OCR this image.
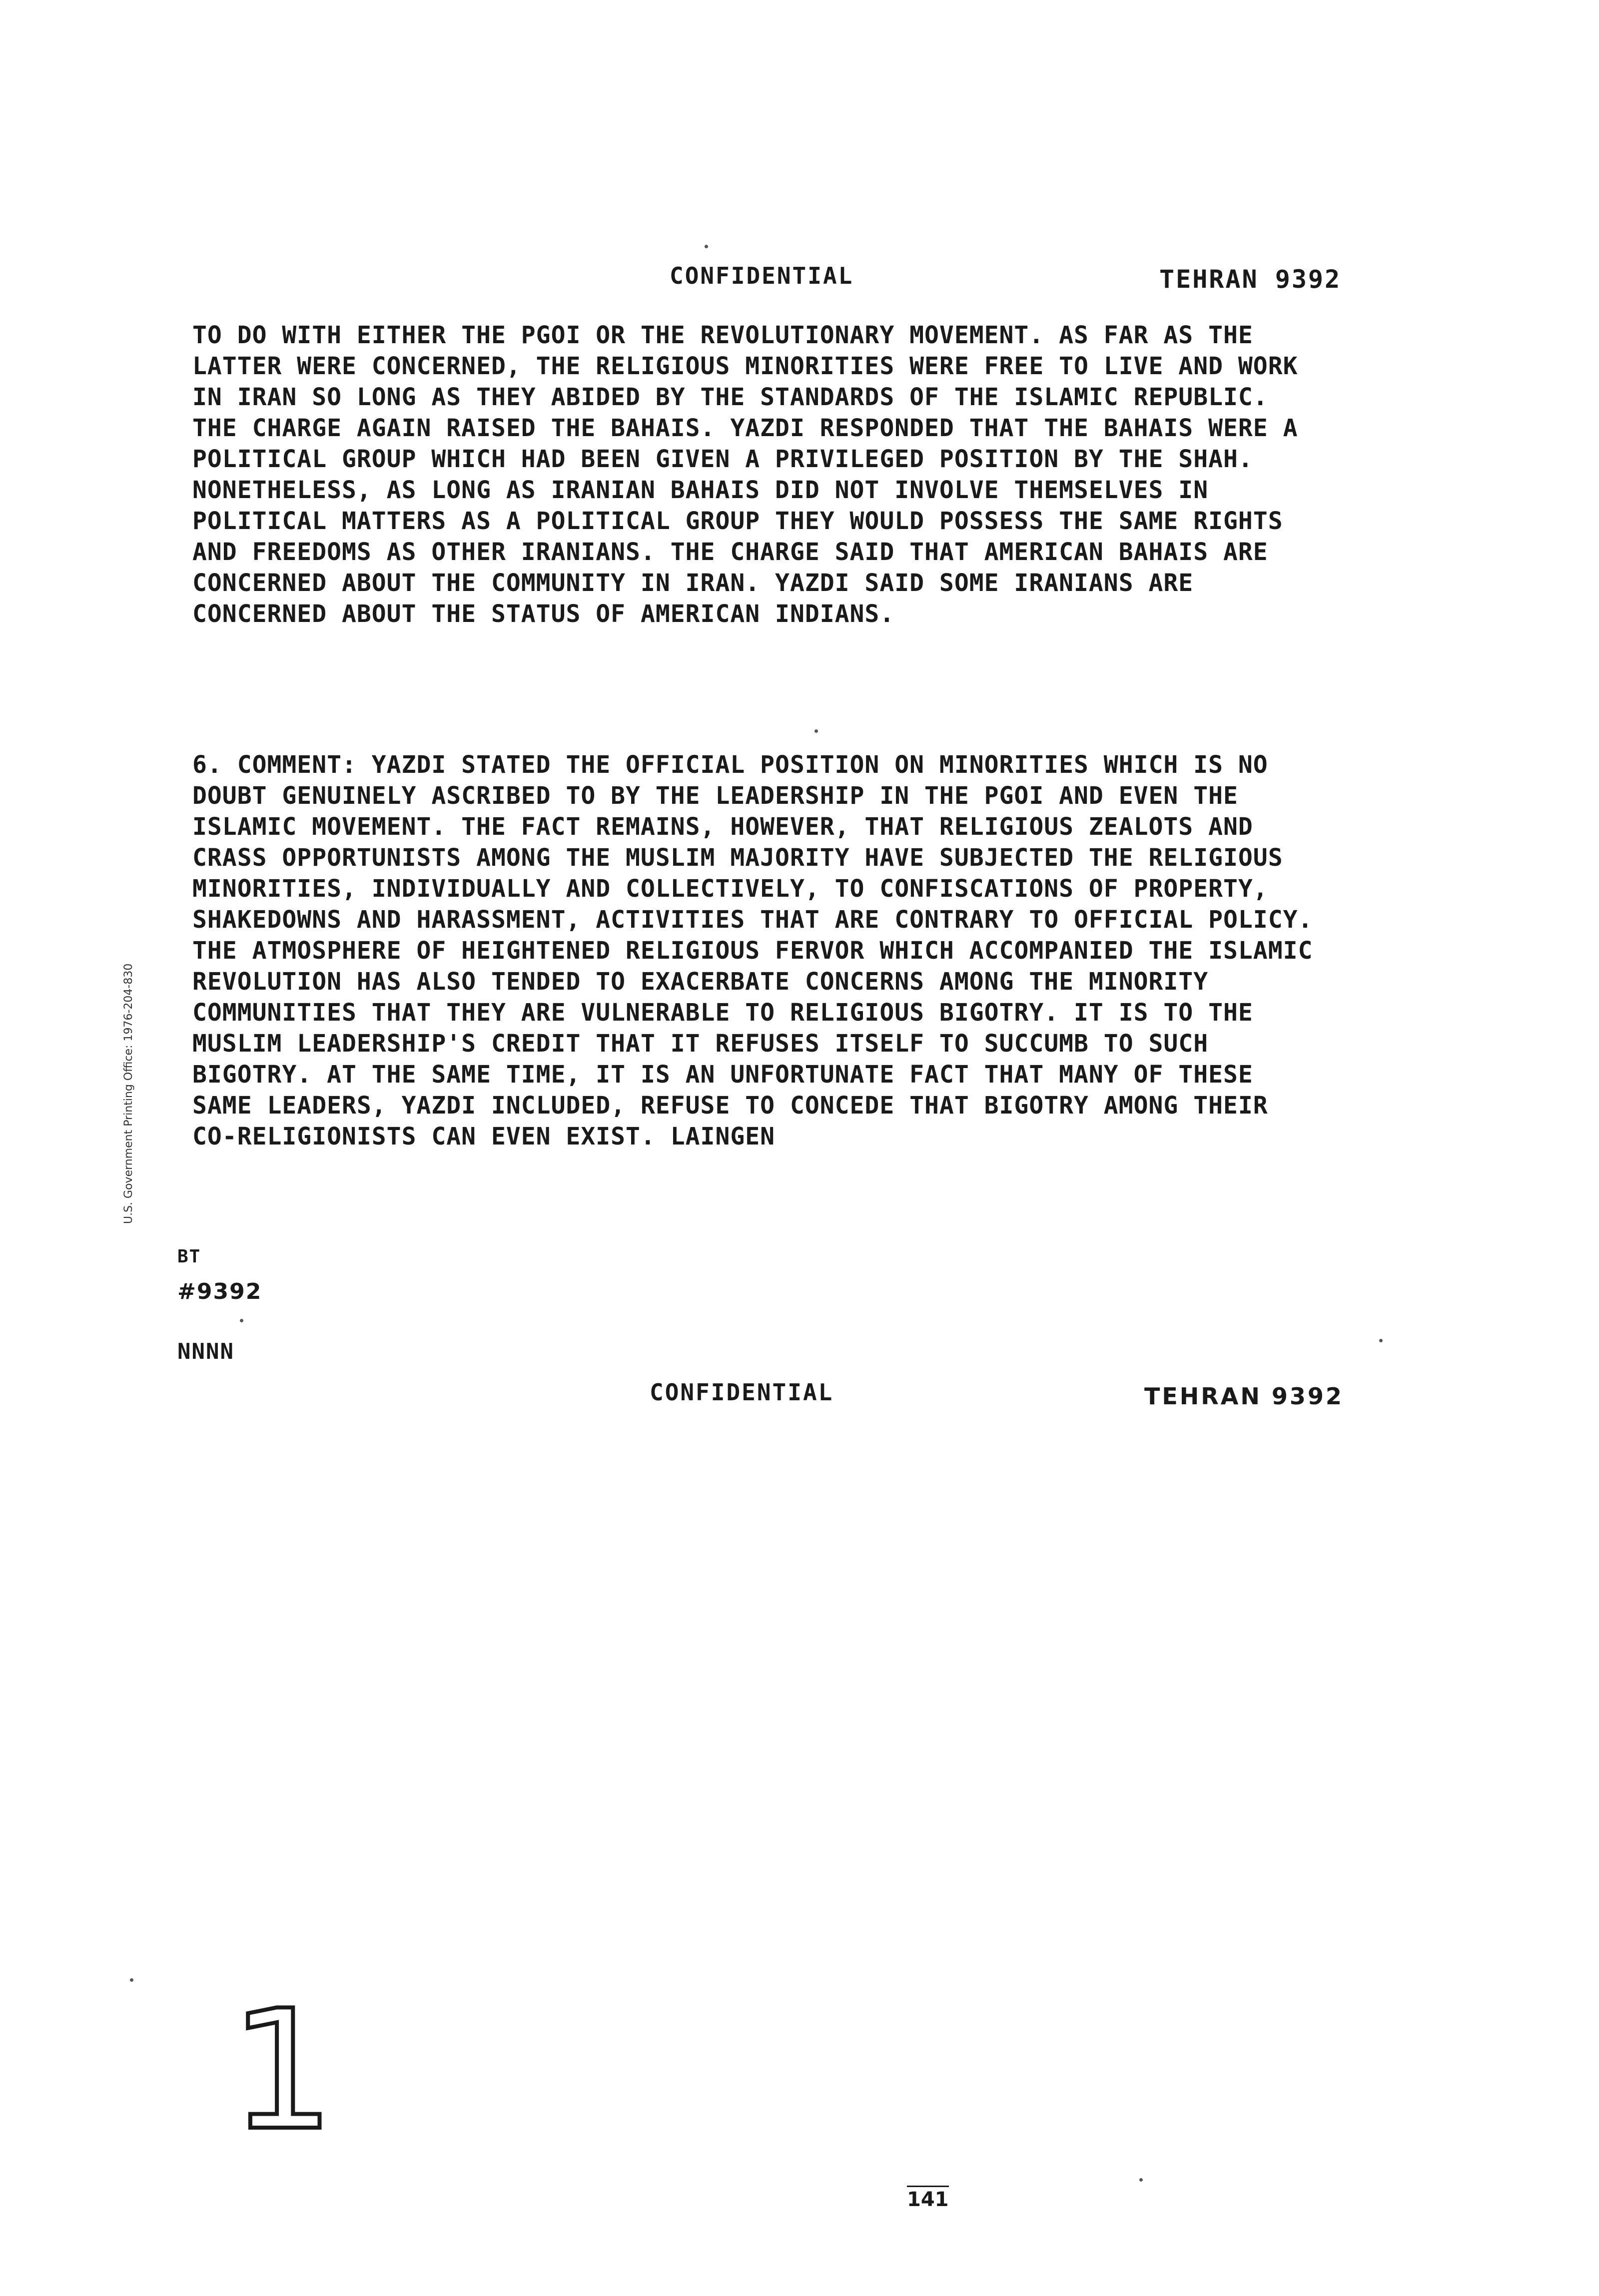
CONFIDENTIAL	TEHRAN 9392
TO DO WITH EITHER THE PGOI OR THE REVOLUTIONARY MOVEMENT. AS FAR AS THE LATTER WERE CONCERNED, THE RELIGIOUS MINORITIES WERE FREE TO LIVE AND WORK IN IRAN SO LONG AS THEY ABIDED BY THE STANDARDS OF THE ISLAMIC REPUBLIC. THE CHARGE AGAIN RAISED THE BAHAIS. YAZDI RESPONDED THAT THE BAHAIS WERE A POLITICAL GROUP WHICH HAD BEEN GIVEN A PRIVILEGED POSITION BY THE SHAH. NONETHELESS, AS LONG AS IRANIAN BAHAIS DID NOT INVOLVE THEMSELVES IN POLITICAL MATTERS AS A POLITICAL GROUP THEY WOULD POSSESS THE SAME RIGHTS AND FREEDOMS AS OTHER IRANIANS. THE CHARGE SAID THAT AMERICAN BAHAIS ARE CONCERNED ABOUT THE COMMUNITY IN IRAN. YAZDI SAID SOME IRANIANS ARE CONCERNED ABOUT THE STATUS OF AMERICAN INDIANS.
6. COMMENT: YAZDI STATED THE OFFICIAL POSITION ON MINORITIES WHICH IS NO DOUBT GENUINELY ASCRIBED TO BY THE LEADERSHIP IN THE PGOI AND EVEN THE ISLAMIC MOVEMENT. THE FACT REMAINS, HOWEVER, THAT RELIGIOUS ZEALOTS AND CRASS OPPORTUNISTS AMONG THE MUSLIM MAJORITY HAVE SUBJECTED THE RELIGIOUS MINORITIES, INDIVIDUALLY AND COLLECTIVELY, TO CONFISCATIONS OF PROPERTY, SHAKEDOWNS AND HARASSMENT, ACTIVITIES THAT ARE CONTRARY TO OFFICIAL POLICY. THE ATMOSPHERE OF HEIGHTENED RELIGIOUS FERVOR WHICH ACCOMPANIED THE ISLAMIC REVOLUTION HAS ALSO TENDED TO EXACERBATE CONCERNS AMONG THE MINORITY COMMUNITIES THAT THEY ARE VULNERABLE TO RELIGIOUS BIGOTRY. IT IS TO THE MUSLIM LEADERSHIP'S CREDIT THAT IT REFUSES ITSELF TO SUCCUMB TO SUCH BIGOTRY. AT THE SAME TIME, IT IS AN UNFORTUNATE FACT THAT MANY OF THESE SAME LEADERS, YAZDI INCLUDED, REFUSE TO CONCEDE THAT BIGOTRY AMONG THEIR CO-RELIGIONISTS CAN EVEN EXIST. LAINGEN
U.S. Government Printing Office: 1976-204-830
BT
#9392
NNNN
CONFIDENTIAL	TEHRAN 9392
1
141
